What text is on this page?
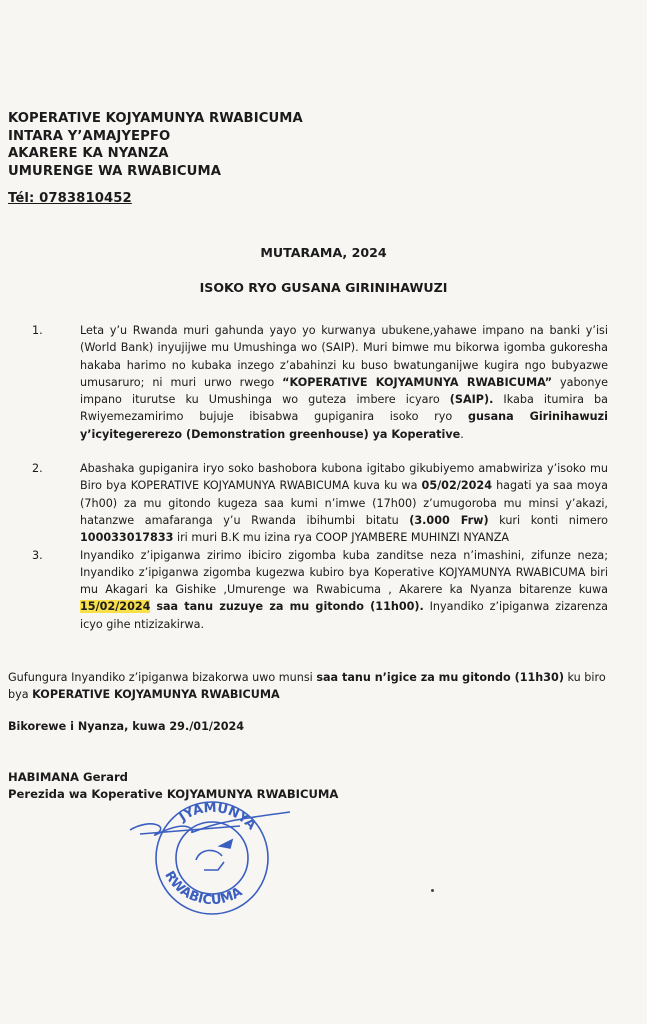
KOPERATIVE KOJYAMUNYA RWABICUMA
INTARA Y’AMAJYEPFO
AKARERE KA NYANZA
UMURENGE WA RWABICUMA
Tél: 0783810452
MUTARAMA, 2024
ISOKO RYO GUSANA GIRINIHAWUZI
1.	Leta y’u Rwanda muri gahunda yayo yo kurwanya ubukene,yahawe impano na banki y’isi (World Bank) inyujijwe mu Umushinga wo (SAIP). Muri bimwe mu bikorwa igomba gukoresha hakaba harimo no kubaka inzego z’abahinzi ku buso bwatunganijwe kugira ngo bubyazwe umusaruro; ni muri urwo rwego “KOPERATIVE KOJYAMUNYA RWABICUMA” yabonye impano iturutse ku Umushinga wo guteza imbere icyaro (SAIP). Ikaba itumira ba Rwiyemezamirimo bujuje ibisabwa gupiganira isoko ryo gusana Girinihawuzi y’icyitegererezo (Demonstration greenhouse) ya Koperative.
2.	Abashaka gupiganira iryo soko bashobora kubona igitabo gikubiyemo amabwiriza y’isoko mu Biro bya KOPERATIVE KOJYAMUNYA RWABICUMA kuva ku wa 05/02/2024 hagati ya saa moya (7h00) za mu gitondo kugeza saa kumi n’imwe (17h00) z’umugoroba mu minsi y’akazi, hatanzwe amafaranga y’u Rwanda ibihumbi bitatu (3.000 Frw) kuri konti nimero 100033017833 iri muri B.K mu izina rya COOP JYAMBERE MUHINZI NYANZA
3.	Inyandiko z’ipiganwa zirimo ibiciro zigomba kuba zanditse neza n’imashini, zifunze neza; Inyandiko z’ipiganwa zigomba kugezwa kubiro bya Koperative KOJYAMUNYA RWABICUMA biri mu Akagari ka Gishike ,Umurenge wa Rwabicuma , Akarere ka Nyanza bitarenze kuwa 15/02/2024 saa tanu zuzuye za mu gitondo (11h00). Inyandiko z’ipiganwa zizarenza icyo gihe ntizizakirwa.
Gufungura Inyandiko z’ipiganwa bizakorwa uwo munsi saa tanu n’igice za mu gitondo (11h30) ku biro bya KOPERATIVE KOJYAMUNYA RWABICUMA
Bikorewe i Nyanza, kuwa 29./01/2024
HABIMANA Gerard
Perezida wa Koperative KOJYAMUNYA RWABICUMA
JYAMUNYA
RWABICUMA
